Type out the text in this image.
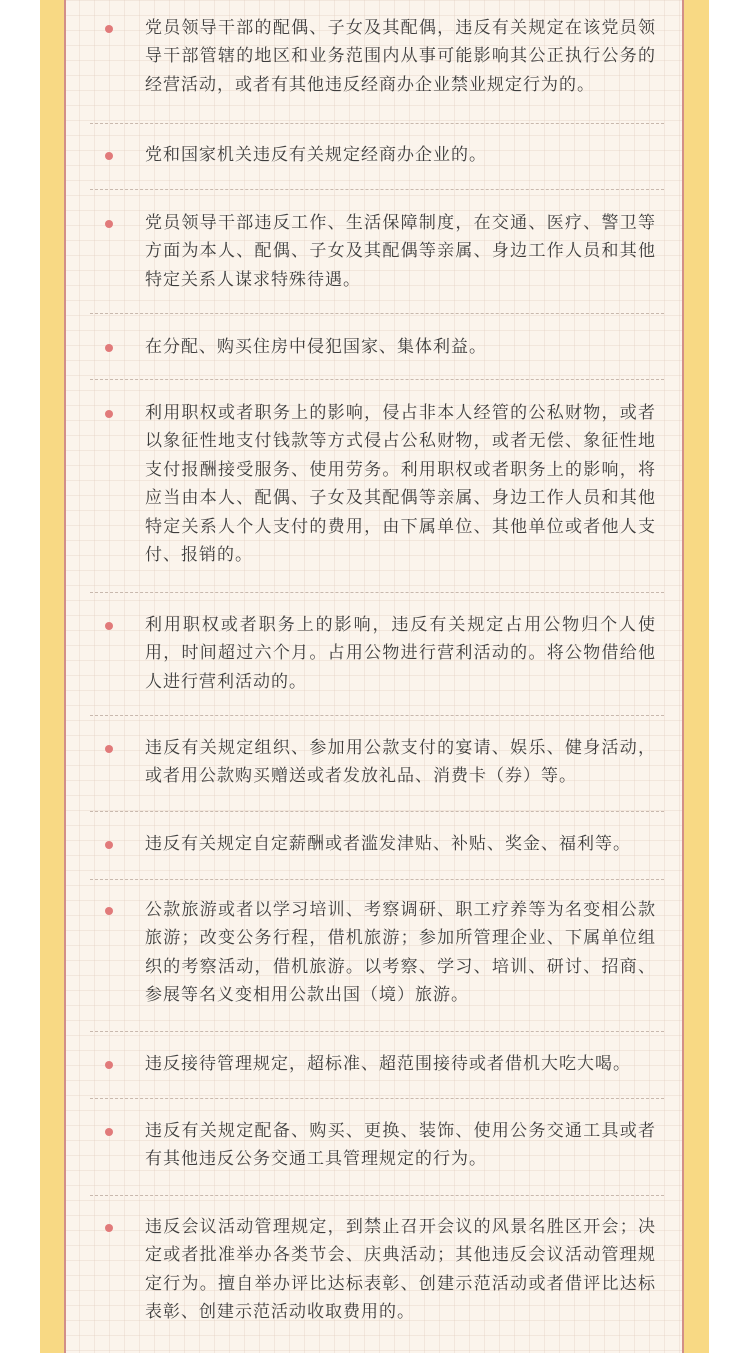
党员领导干部的配偶、子女及其配偶，违反有关规定在该党员领导干部管辖的地区和业务范围内从事可能影响其公正执行公务的经营活动，或者有其他违反经商办企业禁业规定行为的。
党和国家机关违反有关规定经商办企业的。
党员领导干部违反工作、生活保障制度，在交通、医疗、警卫等方面为本人、配偶、子女及其配偶等亲属、身边工作人员和其他特定关系人谋求特殊待遇。
在分配、购买住房中侵犯国家、集体利益。
利用职权或者职务上的影响，侵占非本人经管的公私财物，或者以象征性地支付钱款等方式侵占公私财物，或者无偿、象征性地支付报酬接受服务、使用劳务。利用职权或者职务上的影响，将应当由本人、配偶、子女及其配偶等亲属、身边工作人员和其他特定关系人个人支付的费用，由下属单位、其他单位或者他人支付、报销的。
利用职权或者职务上的影响，违反有关规定占用公物归个人使用，时间超过六个月。占用公物进行营利活动的。将公物借给他人进行营利活动的。
违反有关规定组织、参加用公款支付的宴请、娱乐、健身活动，或者用公款购买赠送或者发放礼品、消费卡（券）等。
违反有关规定自定薪酬或者滥发津贴、补贴、奖金、福利等。
公款旅游或者以学习培训、考察调研、职工疗养等为名变相公款旅游；改变公务行程，借机旅游；参加所管理企业、下属单位组织的考察活动，借机旅游。以考察、学习、培训、研讨、招商、参展等名义变相用公款出国（境）旅游。
违反接待管理规定，超标准、超范围接待或者借机大吃大喝。
违反有关规定配备、购买、更换、装饰、使用公务交通工具或者有其他违反公务交通工具管理规定的行为。
违反会议活动管理规定，到禁止召开会议的风景名胜区开会；决定或者批准举办各类节会、庆典活动；其他违反会议活动管理规定行为。擅自举办评比达标表彰、创建示范活动或者借评比达标表彰、创建示范活动收取费用的。
